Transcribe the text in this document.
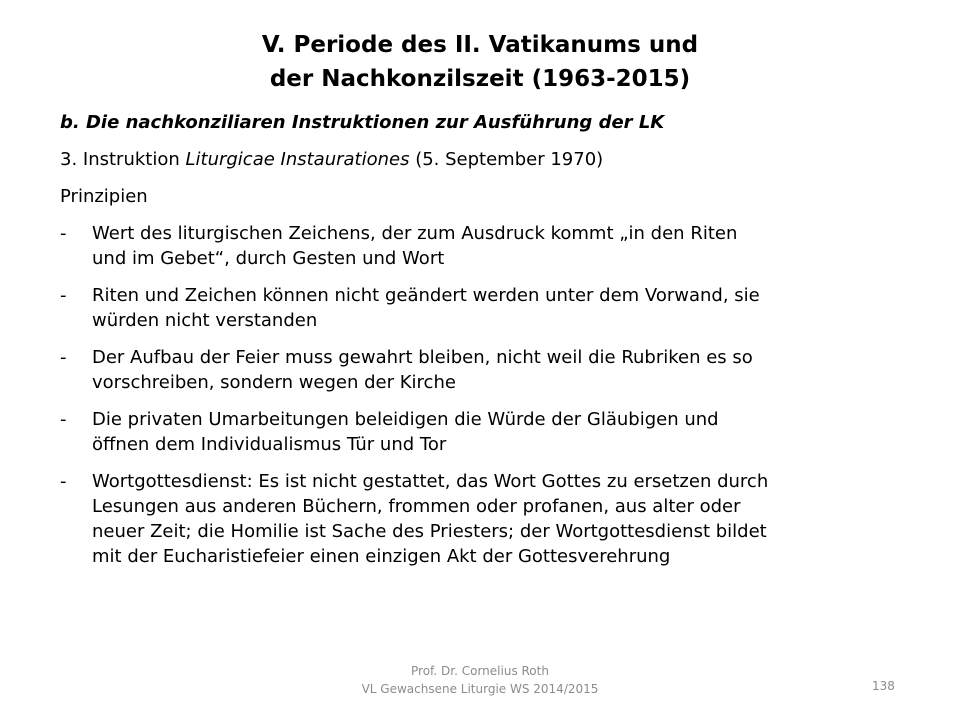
V. Periode des II. Vatikanums und
der Nachkonzilszeit (1963-2015)
b. Die nachkonziliaren Instruktionen zur Ausführung der LK
3. Instruktion Liturgicae Instaurationes (5. September 1970)
Prinzipien
- Wert des liturgischen Zeichens, der zum Ausdruck kommt „in den Riten
und im Gebet“, durch Gesten und Wort
- Riten und Zeichen können nicht geändert werden unter dem Vorwand, sie
würden nicht verstanden
- Der Aufbau der Feier muss gewahrt bleiben, nicht weil die Rubriken es so
vorschreiben, sondern wegen der Kirche
- Die privaten Umarbeitungen beleidigen die Würde der Gläubigen und
öffnen dem Individualismus Tür und Tor
- Wortgottesdienst: Es ist nicht gestattet, das Wort Gottes zu ersetzen durch
Lesungen aus anderen Büchern, frommen oder profanen, aus alter oder
neuer Zeit; die Homilie ist Sache des Priesters; der Wortgottesdienst bildet
mit der Eucharistiefeier einen einzigen Akt der Gottesverehrung
Prof. Dr. Cornelius Roth
VL Gewachsene Liturgie WS 2014/2015	138
